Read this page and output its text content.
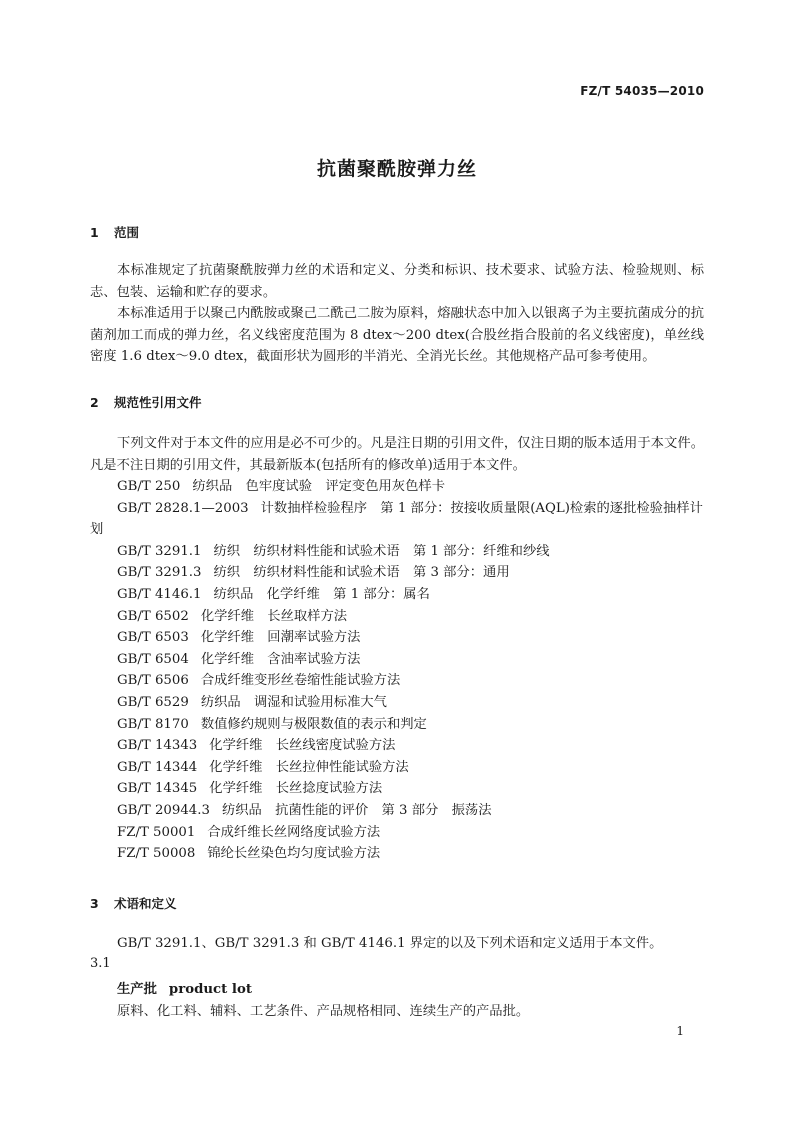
FZ/T 54035—2010
抗菌聚酰胺弹力丝
1 范围

本标准规定了抗菌聚酰胺弹力丝的术语和定义、分类和标识、技术要求、试验方法、检验规则、标志、包装、运输和贮存的要求。

本标准适用于以聚己内酰胺或聚己二酰己二胺为原料，熔融状态中加入以银离子为主要抗菌成分的抗菌剂加工而成的弹力丝，名义线密度范围为 8 dtex～200 dtex(合股丝指合股前的名义线密度)，单丝线密度 1.6 dtex～9.0 dtex，截面形状为圆形的半消光、全消光长丝。其他规格产品可参考使用。

2 规范性引用文件

下列文件对于本文件的应用是必不可少的。凡是注日期的引用文件，仅注日期的版本适用于本文件。凡是不注日期的引用文件，其最新版本(包括所有的修改单)适用于本文件。

GB/T 250 纺织品　色牢度试验　评定变色用灰色样卡
GB/T 2828.1—2003 计数抽样检验程序　第 1 部分：按接收质量限(AQL)检索的逐批检验抽样计划
GB/T 3291.1 纺织　纺织材料性能和试验术语　第 1 部分：纤维和纱线
GB/T 3291.3 纺织　纺织材料性能和试验术语　第 3 部分：通用
GB/T 4146.1 纺织品　化学纤维　第 1 部分：属名
GB/T 6502 化学纤维　长丝取样方法
GB/T 6503 化学纤维　回潮率试验方法
GB/T 6504 化学纤维　含油率试验方法
GB/T 6506 合成纤维变形丝卷缩性能试验方法
GB/T 6529 纺织品　调湿和试验用标准大气
GB/T 8170 数值修约规则与极限数值的表示和判定
GB/T 14343 化学纤维　长丝线密度试验方法
GB/T 14344 化学纤维　长丝拉伸性能试验方法
GB/T 14345 化学纤维　长丝捻度试验方法
GB/T 20944.3 纺织品　抗菌性能的评价　第 3 部分　振荡法
FZ/T 50001 合成纤维长丝网络度试验方法
FZ/T 50008 锦纶长丝染色均匀度试验方法
3 术语和定义

GB/T 3291.1、GB/T 3291.3 和 GB/T 4146.1 界定的以及下列术语和定义适用于本文件。

3.1
生产批 product lot
原料、化工料、辅料、工艺条件、产品规格相同、连续生产的产品批。
1
